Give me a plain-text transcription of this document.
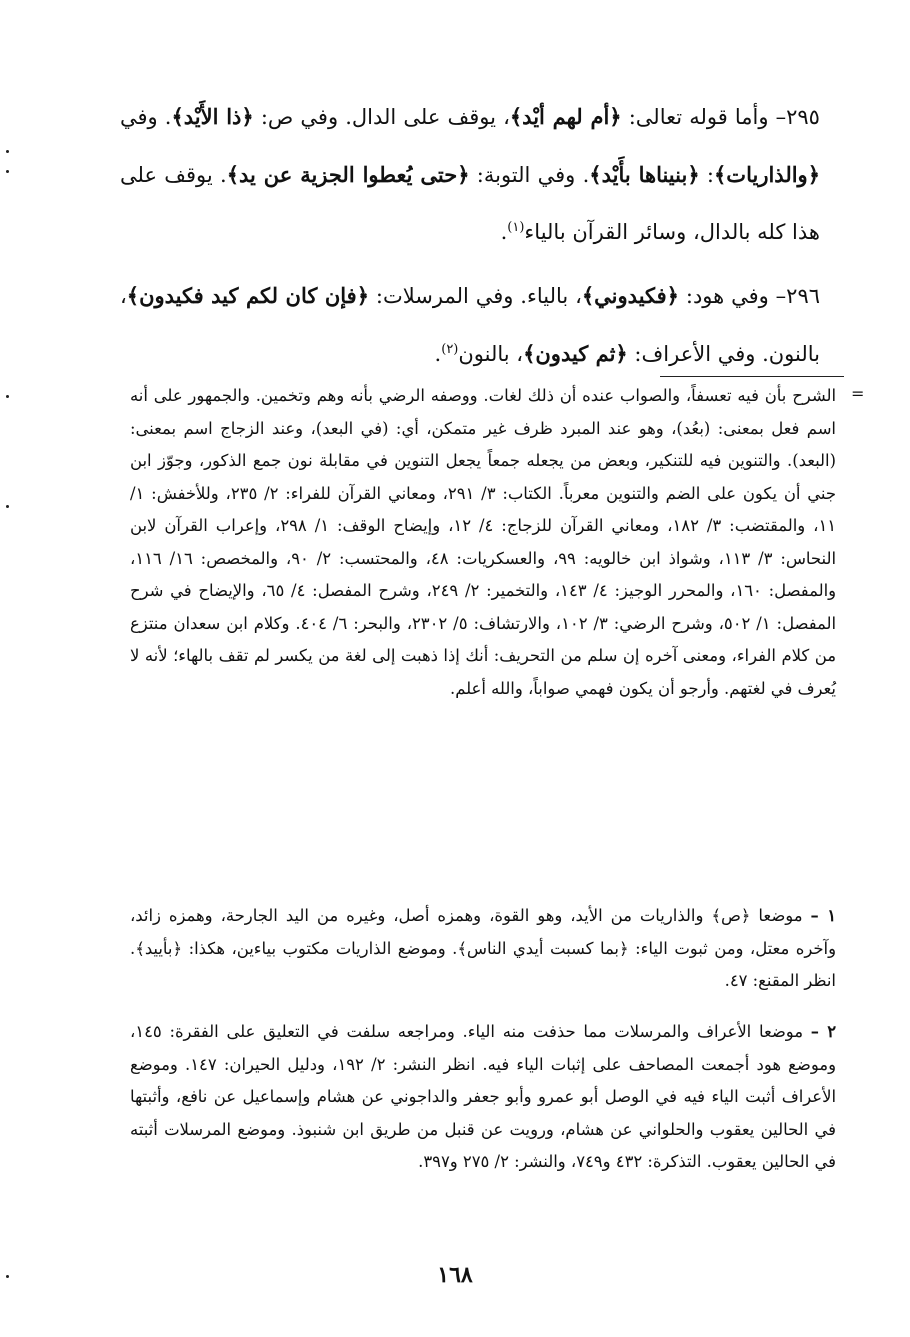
٢٩٥– وأما قوله تعالى: ﴿أم لهم أيْد﴾، يوقف على الدال. وفي ص: ﴿ذا الأَيْد﴾. وفي ﴿والذاريات﴾: ﴿بنيناها بأَيْد﴾. وفي التوبة: ﴿حتى يُعطوا الجزية عن يد﴾. يوقف على هذا كله بالدال، وسائر القرآن بالياء$^{(١)}$.

٢٩٦– وفي هود: ﴿فكيدوني﴾، بالياء. وفي المرسلات: ﴿فإن كان لكم كيد فكيدون﴾، بالنون. وفي الأعراف: ﴿ثم كيدون﴾، بالنون$^{(٢)}$.

=

الشرح بأن فيه تعسفاً، والصواب عنده أن ذلك لغات. ووصفه الرضي بأنه وهم وتخمين. والجمهور على أنه اسم فعل بمعنى: (بعُد)، وهو عند المبرد ظرف غير متمكن، أي: (في البعد)، وعند الزجاج اسم بمعنى: (البعد). والتنوين فيه للتنكير، وبعض من يجعله جمعاً يجعل التنوين في مقابلة نون جمع الذكور، وجوّز ابن جني أن يكون على الضم والتنوين معرباً. الكتاب: ٣/ ٢٩١، ومعاني القرآن للفراء: ٢/ ٢٣٥، وللأخفش: ١/ ١١، والمقتضب: ٣/ ١٨٢، ومعاني القرآن للزجاج: ٤/ ١٢، وإيضاح الوقف: ١/ ٢٩٨، وإعراب القرآن لابن النحاس: ٣/ ١١٣، وشواذ ابن خالويه: ٩٩، والعسكريات: ٤٨، والمحتسب: ٢/ ٩٠، والمخصص: ١٦/ ١١٦، والمفصل: ١٦٠، والمحرر الوجيز: ٤/ ١٤٣، والتخمير: ٢/ ٢٤٩، وشرح المفصل: ٤/ ٦٥، والإيضاح في شرح المفصل: ١/ ٥٠٢، وشرح الرضي: ٣/ ١٠٢، والارتشاف: ٥/ ٢٣٠٢، والبحر: ٦/ ٤٠٤. وكلام ابن سعدان منتزع من كلام الفراء، ومعنى آخره إن سلم من التحريف: أنك إذا ذهبت إلى لغة من يكسر لم تقف بالهاء؛ لأنه لا يُعرف في لغتهم. وأرجو أن يكون فهمي صواباً، والله أعلم.

١ – موضعا ﴿ص﴾ والذاريات من الأيد، وهو القوة، وهمزه أصل، وغيره من اليد الجارحة، وهمزه زائد، وآخره معتل، ومن ثبوت الياء: ﴿بما كسبت أيدي الناس﴾. وموضع الذاريات مكتوب بياءين، هكذا: ﴿بأييد﴾. انظر المقنع: ٤٧.

٢ – موضعا الأعراف والمرسلات مما حذفت منه الياء. ومراجعه سلفت في التعليق على الفقرة: ١٤٥، وموضع هود أجمعت المصاحف على إثبات الياء فيه. انظر النشر: ٢/ ١٩٢، ودليل الحيران: ١٤٧. وموضع الأعراف أثبت الياء فيه في الوصل أبو عمرو وأبو جعفر والداجوني عن هشام وإسماعيل عن نافع، وأثبتها في الحالين يعقوب والحلواني عن هشام، ورويت عن قنبل من طريق ابن شنبوذ. وموضع المرسلات أثبته في الحالين يعقوب. التذكرة: ٤٣٢ و٧٤٩، والنشر: ٢/ ٢٧٥ و٣٩٧.

١٦٨
